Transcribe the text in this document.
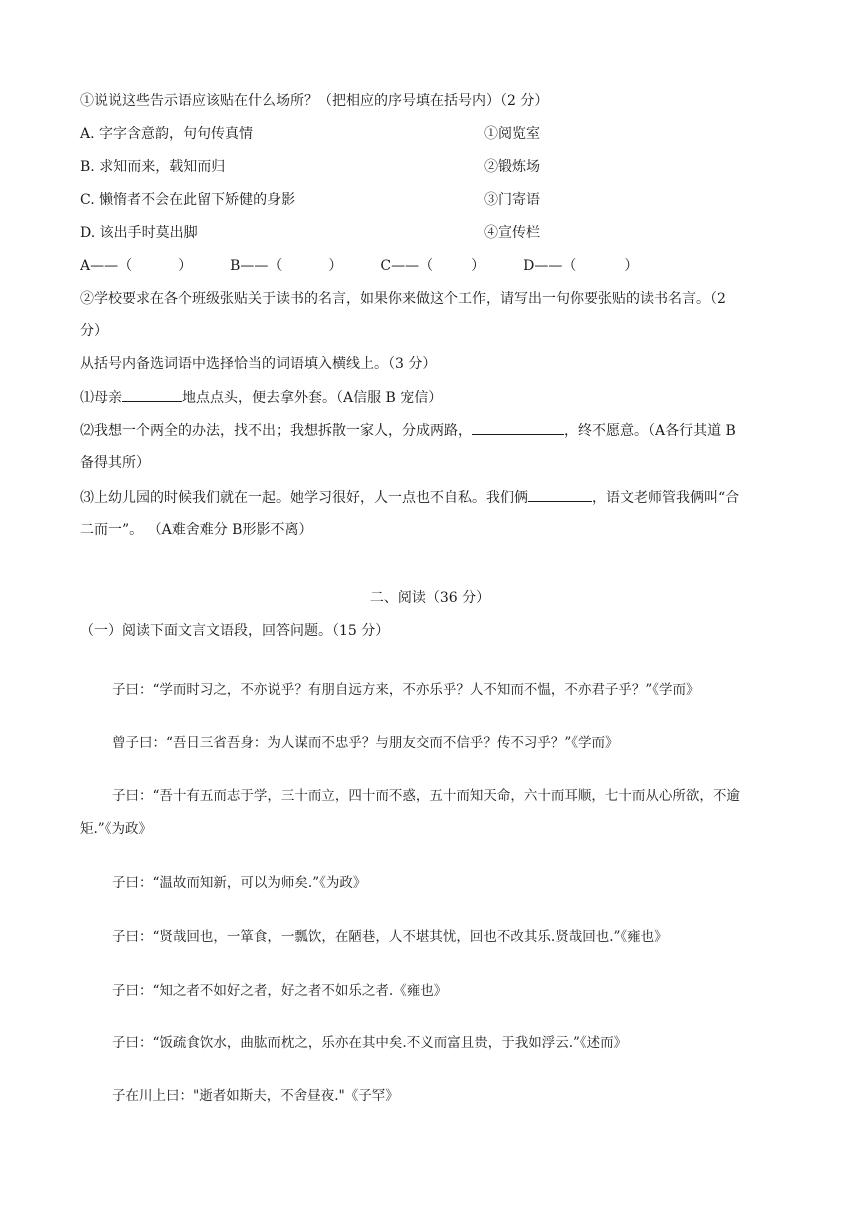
①说说这些告示语应该贴在什么场所？（把相应的序号填在括号内）（2 分）
A. 字字含意韵，句句传真情	①阅览室
B. 求知而来，载知而归	②锻炼场
C. 懒惰者不会在此留下矫健的身影	③门寄语
D. 该出手时莫出脚	④宣传栏
A——（	）	B——（	）	C——（	）	D——（	）
②学校要求在各个班级张贴关于读书的名言，如果你来做这个工作，请写出一句你要张贴的读书名言。（2
分）
从括号内备选词语中选择恰当的词语填入横线上。（3 分）
⑴母亲	地点点头，便去拿外套。（A信服 B 宠信）
⑵我想一个两全的办法，找不出；我想拆散一家人，分成两路，	，终不愿意。（A各行其道 B
备得其所）
⑶上幼儿园的时候我们就在一起。她学习很好，人一点也不自私。我们俩	，语文老师管我俩叫“合
二而一”。 （A难舍难分 B形影不离）
二、阅读（36 分）
（一）阅读下面文言文语段，回答问题。（15 分）
子曰：“学而时习之，不亦说乎？有朋自远方来，不亦乐乎？人不知而不愠，不亦君子乎？”《学而》
曾子曰：“吾日三省吾身：为人谋而不忠乎？与朋友交而不信乎？传不习乎？”《学而》
子曰：“吾十有五而志于学，三十而立，四十而不惑，五十而知天命，六十而耳顺，七十而从心所欲，不逾
矩.”《为政》
子曰：“温故而知新，可以为师矣.”《为政》
子曰：“贤哉回也，一箪食，一瓢饮，在陋巷，人不堪其忧，回也不改其乐.贤哉回也.”《雍也》
子曰：“知之者不如好之者，好之者不如乐之者.《雍也》
子曰：“饭疏食饮水，曲肱而枕之，乐亦在其中矣.不义而富且贵，于我如浮云.”《述而》
子在川上曰："逝者如斯夫，不舍昼夜."《子罕》
